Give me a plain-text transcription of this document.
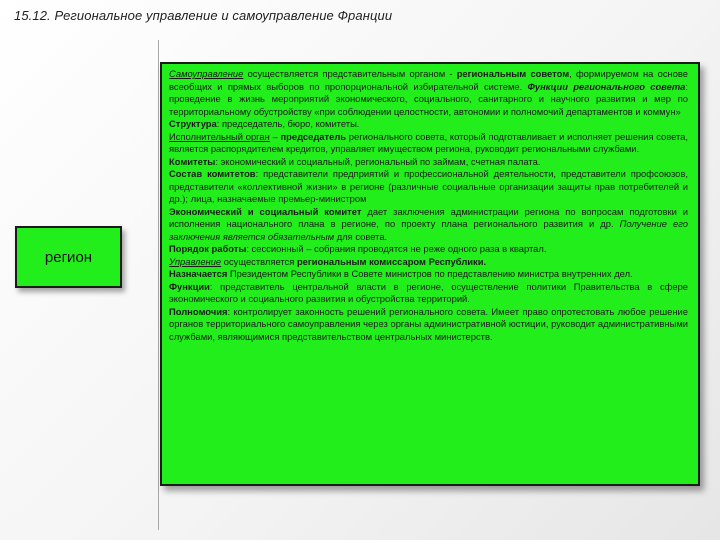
15.12. Региональное управление и самоуправление Франции
регион

Самоуправление осуществляется представительным органом - региональным советом, формируемом на основе всеобщих и прямых выборов по пропорциональной избирательной системе. Функции регионального совета: проведение в жизнь мероприятий экономического, социального, санитарного и научного развития и мер по территориальному обустройству «при соблюдении целостности, автономии и полномочий департаментов и коммун»

Структура: председатель, бюро, комитеты.

Исполнительный орган – председатель регионального совета, который подготавливает и исполняет решения совета, является распорядителем кредитов, управляет имуществом региона, руководит региональными службами.

Комитеты: экономический и социальный, региональный по займам, счетная палата.

Состав комитетов: представители предприятий и профессиональной деятельности, представители профсоюзов, представители «коллективной жизни» в регионе (различные социальные организации защиты прав потребителей и др.); лица, назначаемые премьер-министром

Экономический и социальный комитет дает заключения администрации региона по вопросам подготовки и исполнения национального плана в регионе, по проекту плана регионального развития и др. Получение его заключения является обязательным для совета.

Порядок работы: сессионный – собрания проводятся не реже одного раза в квартал.

Управление осуществляется региональным комиссаром Республики.

Назначается Президентом Республики в Совете министров по представлению министра внутренних дел.

Функции: представитель центральной власти в регионе, осуществление политики Правительства в сфере экономического и социального развития и обустройства территорий.

Полномочия: контролирует законность решений регионального совета. Имеет право опротестовать любое решение органов территориального самоуправления через органы административной юстиции, руководит административными службами, являющимися представительством центральных министерств.
